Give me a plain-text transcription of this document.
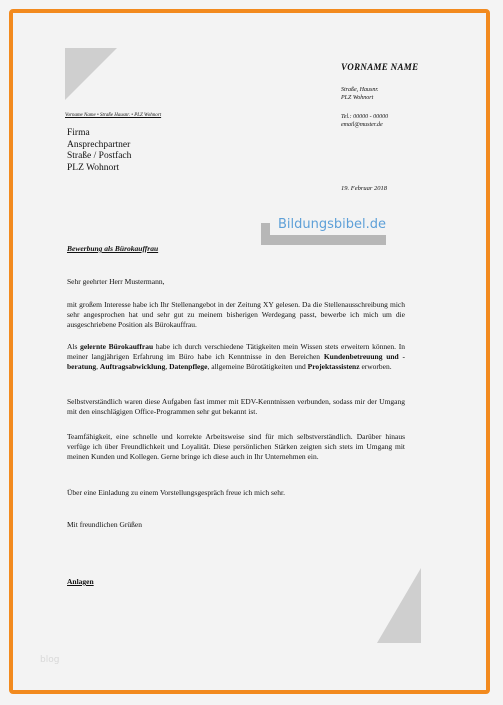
Vorname Name • Straße Hausnr. • PLZ Wohnort
Firma
Ansprechpartner
Straße / Postfach
PLZ Wohnort
VORNAME NAME
Straße, Hausnr.
PLZ Wohnort
Tel.: 00000 - 00000
email@muster.de
19. Februar 2018
Bildungsbibel.de
Bewerbung als Bürokauffrau
Sehr geehrter Herr Mustermann,
mit großem Interesse habe ich Ihr Stellenangebot in der Zeitung XY gelesen. Da die Stellenausschreibung mich sehr angesprochen hat und sehr gut zu meinem bisherigen Werdegang passt, bewerbe ich mich um die ausgeschriebene Position als Bürokauffrau.
Als gelernte Bürokauffrau habe ich durch verschiedene Tätigkeiten mein Wissen stets erweitern können. In meiner langjährigen Erfahrung im Büro habe ich Kenntnisse in den Bereichen Kundenbetreuung und -beratung, Auftragsabwicklung, Datenpflege, allgemeine Bürotätigkeiten und Projektassistenz erworben.
Selbstverständlich waren diese Aufgaben fast immer mit EDV-Kenntnissen verbunden, sodass mir der Umgang mit den einschlägigen Office-Programmen sehr gut bekannt ist.
Teamfähigkeit, eine schnelle und korrekte Arbeitsweise sind für mich selbstverständlich. Darüber hinaus verfüge ich über Freundlichkeit und Loyalität. Diese persönlichen Stärken zeigten sich stets im Umgang mit meinen Kunden und Kollegen. Gerne bringe ich diese auch in Ihr Unternehmen ein.
Über eine Einladung zu einem Vorstellungsgespräch freue ich mich sehr.
Mit freundlichen Grüßen
Anlagen
blog
